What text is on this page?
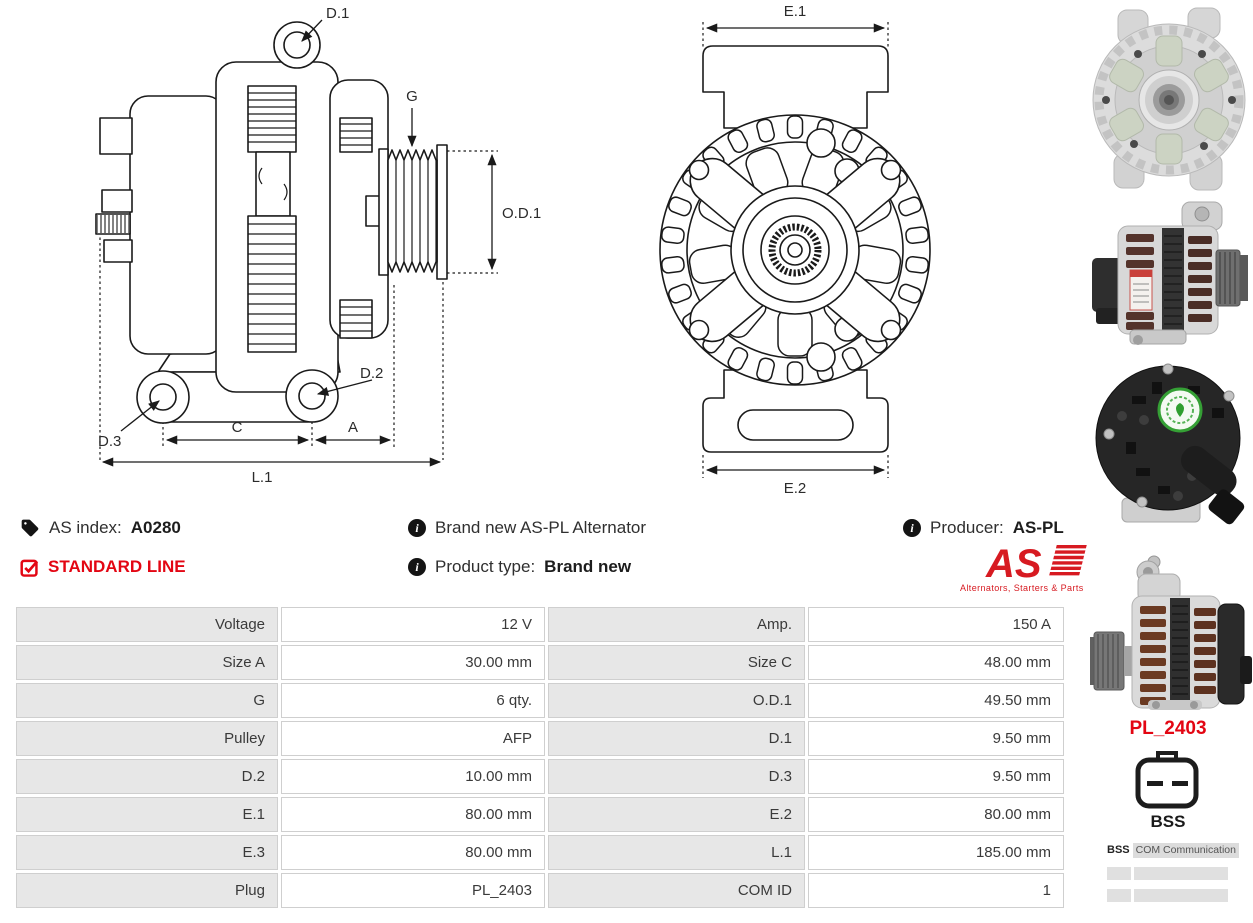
D.1
G
O.D.1
D.2
D.3
C	A
L.1
E.1
E.2
AS index: A0280
STANDARD LINE
i
Brand new AS-PL Alternator
i
Product type: Brand new
i
Producer: AS-PL
AS
Alternators, Starters & Parts
Voltage	12 V	Amp.	150 A
Size A	30.00 mm	Size C	48.00 mm
G	6 qty.	O.D.1	49.50 mm
Pulley	AFP	D.1	9.50 mm
D.2	10.00 mm	D.3	9.50 mm
E.1	80.00 mm	E.2	80.00 mm
E.3	80.00 mm	L.1	185.00 mm
Plug	PL_2403	COM ID	1
PL_2403
BSS
BSS COM Communication
